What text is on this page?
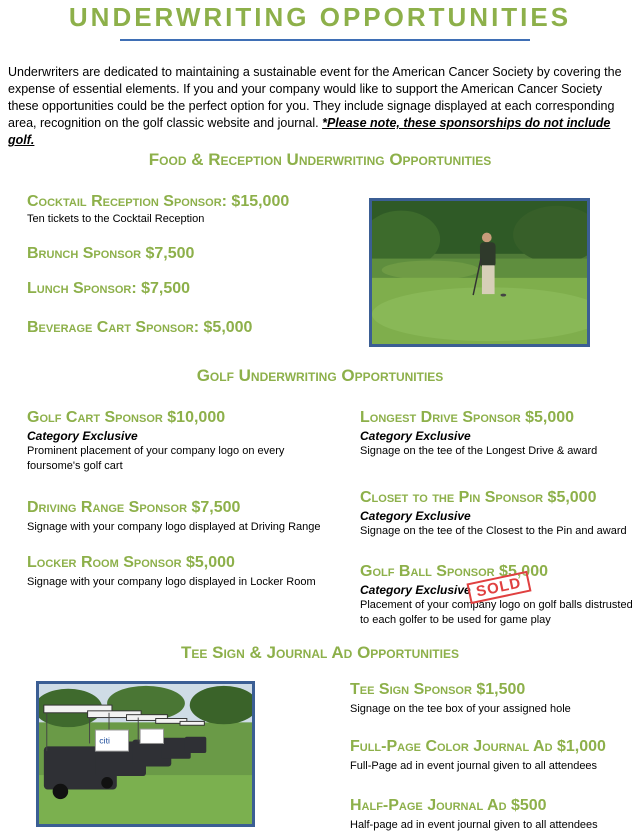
UNDERWRITING OPPORTUNITIES
Underwriters are dedicated to maintaining a sustainable event for the American Cancer Society by covering the expense of essential elements. If you and your company would like to support the American Cancer Society these opportunities could be the perfect option for you. They include signage displayed at each corresponding area, recognition on the golf classic website and journal. *Please note, these sponsorships do not include golf.
Food & Reception Underwriting Opportunities
Cocktail Reception Sponsor: $15,000
Ten tickets to the Cocktail Reception
Brunch Sponsor $7,500
Lunch Sponsor: $7,500
Beverage Cart Sponsor: $5,000
Golf Underwriting Opportunities
Golf Cart Sponsor $10,000
Category Exclusive
Prominent placement of your company logo on every foursome's golf cart
Driving Range Sponsor $7,500
Signage with your company logo displayed at Driving Range
Locker Room Sponsor $5,000
Signage with your company logo displayed in Locker Room
Longest Drive Sponsor $5,000
Category Exclusive
Signage on the tee of the Longest Drive & award
Closet to the Pin Sponsor $5,000
Category Exclusive
Signage on the tee of the Closest to the Pin and award
Golf Ball Sponsor $5,000
Category Exclusive
Placement of your company logo on golf balls distrusted to each golfer to be used for game play
SOLD
Tee Sign & Journal Ad Opportunities
citi
Tee Sign Sponsor $1,500
Signage on the tee box of your assigned hole
Full-Page Color Journal Ad $1,000
Full-Page ad in event journal given to all attendees
Half-Page Journal Ad $500
Half-page ad in event journal given to all attendees
